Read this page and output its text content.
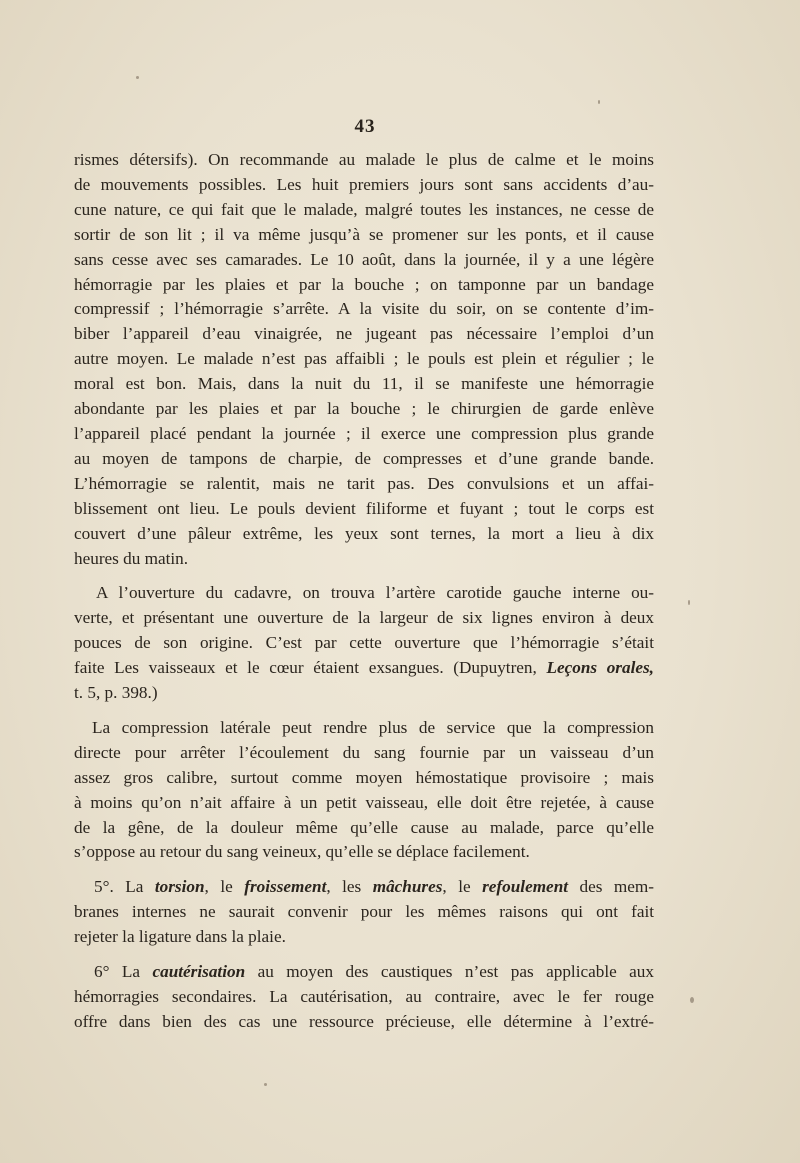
43
rismes détersifs). On recommande au malade le plus de calme et le moins
de mouvements possibles. Les huit premiers jours sont sans accidents d’au-
cune nature, ce qui fait que le malade, malgré toutes les instances, ne cesse de
sortir de son lit ; il va même jusqu’à se promener sur les ponts, et il cause
sans cesse avec ses camarades. Le 10 août, dans la journée, il y a une légère
hémorragie par les plaies et par la bouche ; on tamponne par un bandage
compressif ; l’hémorragie s’arrête. A la visite du soir, on se contente d’im-
biber l’appareil d’eau vinaigrée, ne jugeant pas nécessaire l’emploi d’un
autre moyen. Le malade n’est pas affaibli ; le pouls est plein et régulier ; le
moral est bon. Mais, dans la nuit du 11, il se manifeste une hémorragie
abondante par les plaies et par la bouche ; le chirurgien de garde enlève
l’appareil placé pendant la journée ; il exerce une compression plus grande
au moyen de tampons de charpie, de compresses et d’une grande bande.
L’hémorragie se ralentit, mais ne tarit pas. Des convulsions et un affai-
blissement ont lieu. Le pouls devient filiforme et fuyant ; tout le corps est
couvert d’une pâleur extrême, les yeux sont ternes, la mort a lieu à dix
heures du matin.
A l’ouverture du cadavre, on trouva l’artère carotide gauche interne ou-
verte, et présentant une ouverture de la largeur de six lignes environ à deux
pouces de son origine. C’est par cette ouverture que l’hémorragie s’était
faite Les vaisseaux et le cœur étaient exsangues. (Dupuytren, Leçons orales,
t. 5, p. 398.)
La compression latérale peut rendre plus de service que la compression
directe pour arrêter l’écoulement du sang fournie par un vaisseau d’un
assez gros calibre, surtout comme moyen hémostatique provisoire ; mais
à moins qu’on n’ait affaire à un petit vaisseau, elle doit être rejetée, à cause
de la gêne, de la douleur même qu’elle cause au malade, parce qu’elle
s’oppose au retour du sang veineux, qu’elle se déplace facilement.
5°. La torsion, le froissement, les mâchures, le refoulement des mem-
branes internes ne saurait convenir pour les mêmes raisons qui ont fait
rejeter la ligature dans la plaie.
6° La cautérisation au moyen des caustiques n’est pas applicable aux
hémorragies secondaires. La cautérisation, au contraire, avec le fer rouge
offre dans bien des cas une ressource précieuse, elle détermine à l’extré-
